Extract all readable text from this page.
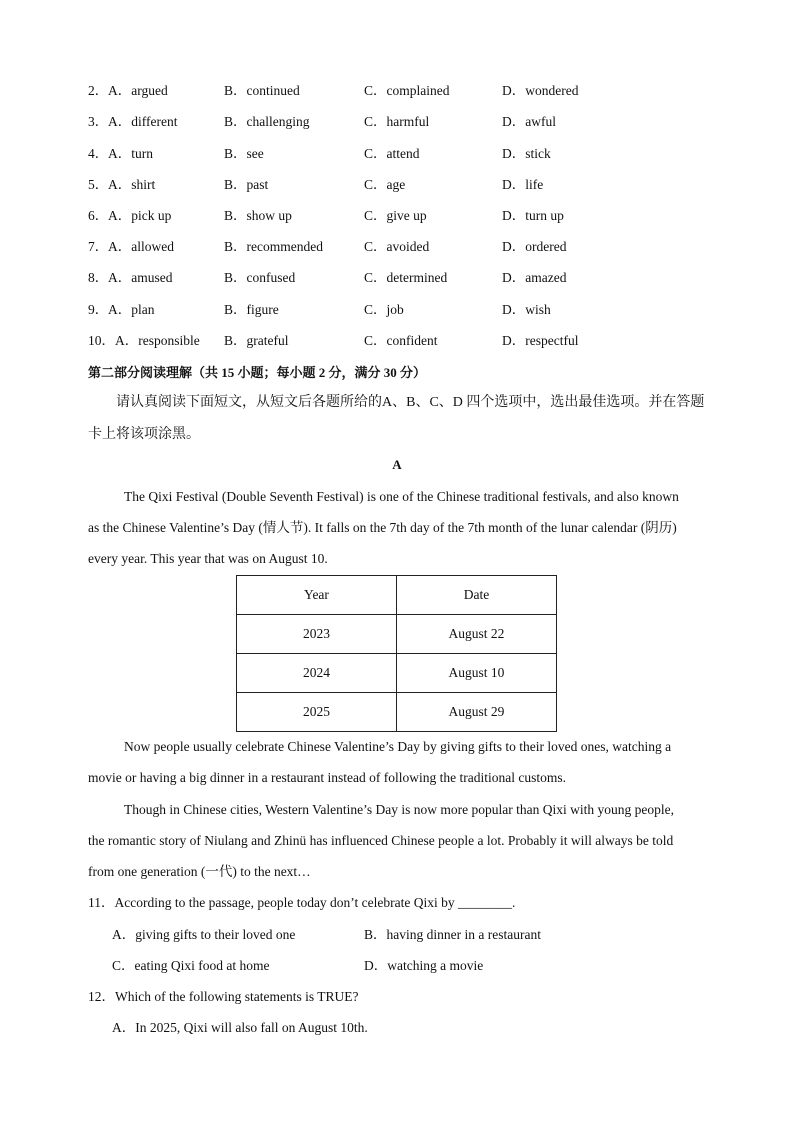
2． A．argued	B．continued	C．complained	D．wondered
3． A．different	B．challenging	C．harmful	D．awful
4． A．turn	B．see	C．attend	D．stick
5． A．shirt	B．past	C．age	D．life
6． A．pick up	B．show up	C．give up	D．turn up
7． A．allowed	B．recommended	C．avoided	D．ordered
8． A．amused	B．confused	C．determined	D．amazed
9． A．plan	B．figure	C．job	D．wish
10． A．responsible B．grateful	C．confident	D．respectful
第二部分阅读理解（共 15 小题；每小题 2 分，满分 30 分）
请认真阅读下面短文，从短文后各题所给的A、B、C、D 四个选项中，选出最佳选项。并在答题
卡上将该项涂黑。
A
The Qixi Festival (Double Seventh Festival) is one of the Chinese traditional festivals, and also known
as the Chinese Valentine’s Day (情人节). It falls on the 7th day of the 7th month of the lunar calendar (阴历)
every year. This year that was on August 10.
Year	Date
2023	August 22
2024	August 10
2025	August 29
Now people usually celebrate Chinese Valentine’s Day by giving gifts to their loved ones, watching a
movie or having a big dinner in a restaurant instead of following the traditional customs.
Though in Chinese cities, Western Valentine’s Day is now more popular than Qixi with young people,
the romantic story of Niulang and Zhinü has influenced Chinese people a lot. Probably it will always be told
from one generation (一代) to the next…
11．According to the passage, people today don’t celebrate Qixi by ________.
A．giving gifts to their loved one	B．having dinner in a restaurant
C．eating Qixi food at home	D．watching a movie
12．Which of the following statements is TRUE?
A．In 2025, Qixi will also fall on August 10th.
